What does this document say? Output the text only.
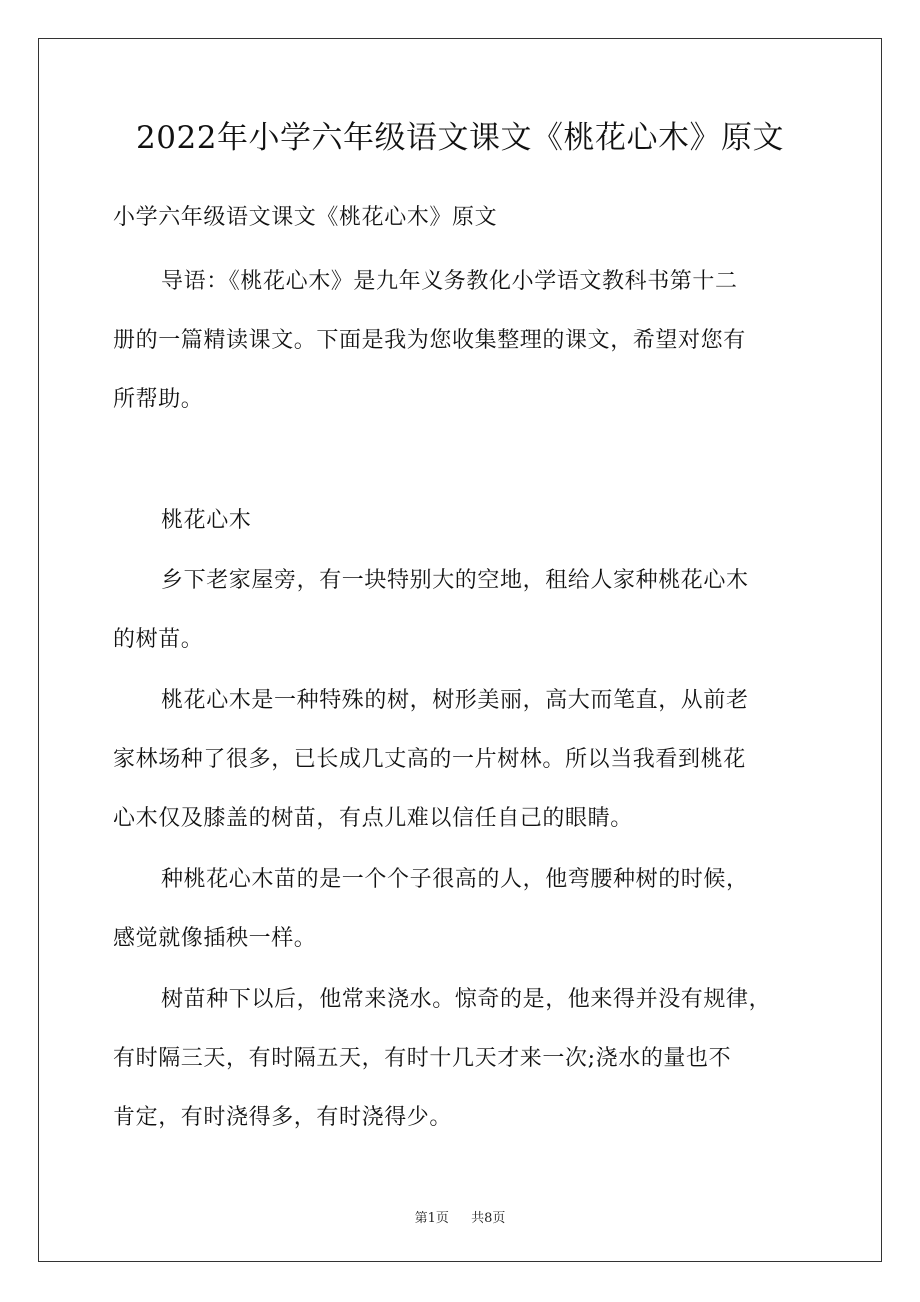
2022年小学六年级语文课文《桃花心木》原文

小学六年级语文课文《桃花心木》原文

导语：《桃花心木》是九年义务教化小学语文教科书第十二

册的一篇精读课文。下面是我为您收集整理的课文，希望对您有

所帮助。

桃花心木

乡下老家屋旁，有一块特别大的空地，租给人家种桃花心木

的树苗。

桃花心木是一种特殊的树，树形美丽，高大而笔直，从前老

家林场种了很多，已长成几丈高的一片树林。所以当我看到桃花

心木仅及膝盖的树苗，有点儿难以信任自己的眼睛。

种桃花心木苗的是一个个子很高的人，他弯腰种树的时候，

感觉就像插秧一样。

树苗种下以后，他常来浇水。惊奇的是，他来得并没有规律，

有时隔三天，有时隔五天，有时十几天才来一次;浇水的量也不

肯定，有时浇得多，有时浇得少。

第1页 共8页
